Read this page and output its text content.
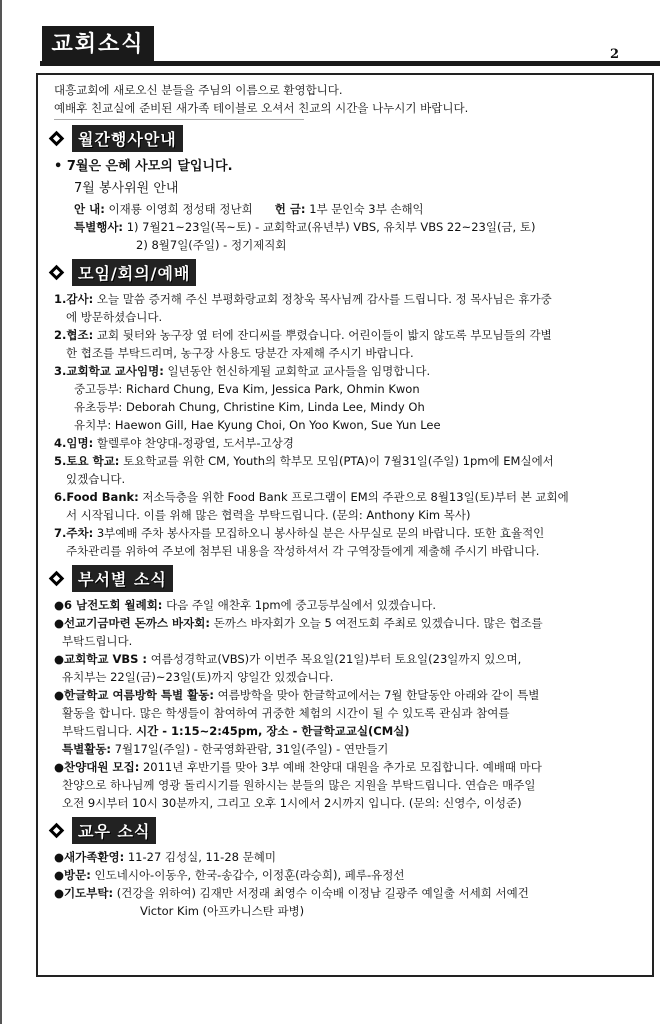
교회소식	2
대흥교회에 새로오신 분들을 주님의 이름으로 환영합니다.
예배후 친교실에 준비된 새가족 테이블로 오셔서 친교의 시간을 나누시기 바랍니다.
월간행사안내
• 7월은 은혜 사모의 달입니다.
7월 봉사위원 안내
안 내: 이재룡 이영희 정성태 정난희 헌 금: 1부 문인숙 3부 손해익
특별행사: 1) 7월21~23일(목~토) - 교회학교(유년부) VBS, 유치부 VBS 22~23일(금, 토)
2) 8월7일(주일) - 정기제직회
모임/회의/예배
1.감사: 오늘 말씀 증거해 주신 부평화랑교회 정창욱 목사님께 감사를 드립니다. 정 목사님은 휴가중
에 방문하셨습니다.
2.협조: 교회 뒷터와 농구장 옆 터에 잔디씨를 뿌렸습니다. 어린이들이 밟지 않도록 부모님들의 각별
한 협조를 부탁드리며, 농구장 사용도 당분간 자제해 주시기 바랍니다.
3.교회학교 교사임명: 일년동안 헌신하게될 교회학교 교사들을 임명합니다.
중고등부: Richard Chung, Eva Kim, Jessica Park, Ohmin Kwon
유초등부: Deborah Chung, Christine Kim, Linda Lee, Mindy Oh
유치부: Haewon Gill, Hae Kyung Choi, On Yoo Kwon, Sue Yun Lee
4.임명: 할렐루야 찬양대-정광열, 도서부-고상경
5.토요 학교: 토요학교를 위한 CM, Youth의 학부모 모임(PTA)이 7월31일(주일) 1pm에 EM실에서
있겠습니다.
6.Food Bank: 저소득층을 위한 Food Bank 프로그램이 EM의 주관으로 8월13일(토)부터 본 교회에
서 시작됩니다. 이를 위해 많은 협력을 부탁드립니다. (문의: Anthony Kim 목사)
7.주차: 3부예배 주차 봉사자를 모집하오니 봉사하실 분은 사무실로 문의 바랍니다. 또한 효율적인
주차관리를 위하여 주보에 첨부된 내용을 작성하셔서 각 구역장들에게 제출해 주시기 바랍니다.
부서별 소식
●6 남전도회 월례회: 다음 주일 애찬후 1pm에 중고등부실에서 있겠습니다.
●선교기금마련 돈까스 바자회: 돈까스 바자회가 오늘 5 여전도회 주최로 있겠습니다. 많은 협조를
부탁드립니다.
●교회학교 VBS : 여름성경학교(VBS)가 이번주 목요일(21일)부터 토요일(23일까지 있으며,
유치부는 22일(금)~23일(토)까지 양일간 있겠습니다.
●한글학교 여름방학 특별 활동: 여름방학을 맞아 한글학교에서는 7월 한달동안 아래와 같이 특별
활동을 합니다. 많은 학생들이 참여하여 귀중한 체험의 시간이 될 수 있도록 관심과 참여를
부탁드립니다. 시간 - 1:15~2:45pm, 장소 - 한글학교교실(CM실)
특별활동: 7월17일(주일) - 한국영화관람, 31일(주일) - 연만들기
●찬양대원 모집: 2011년 후반기를 맞아 3부 예배 찬양대 대원을 추가로 모집합니다. 예배때 마다
찬양으로 하나님께 영광 돌리시기를 원하시는 분들의 많은 지원을 부탁드립니다. 연습은 매주일
오전 9시부터 10시 30분까지, 그리고 오후 1시에서 2시까지 입니다. (문의: 신영수, 이성준)
교우 소식
●새가족환영: 11-27 김성실, 11-28 문혜미
●방문: 인도네시아-이동우, 한국-송갑수, 이정훈(라승희), 페루-유정선
●기도부탁: (건강을 위하여) 김재만 서정래 최영수 이숙배 이정남 길광주 예일출 서세희 서예건
Victor Kim (아프카니스탄 파병)
